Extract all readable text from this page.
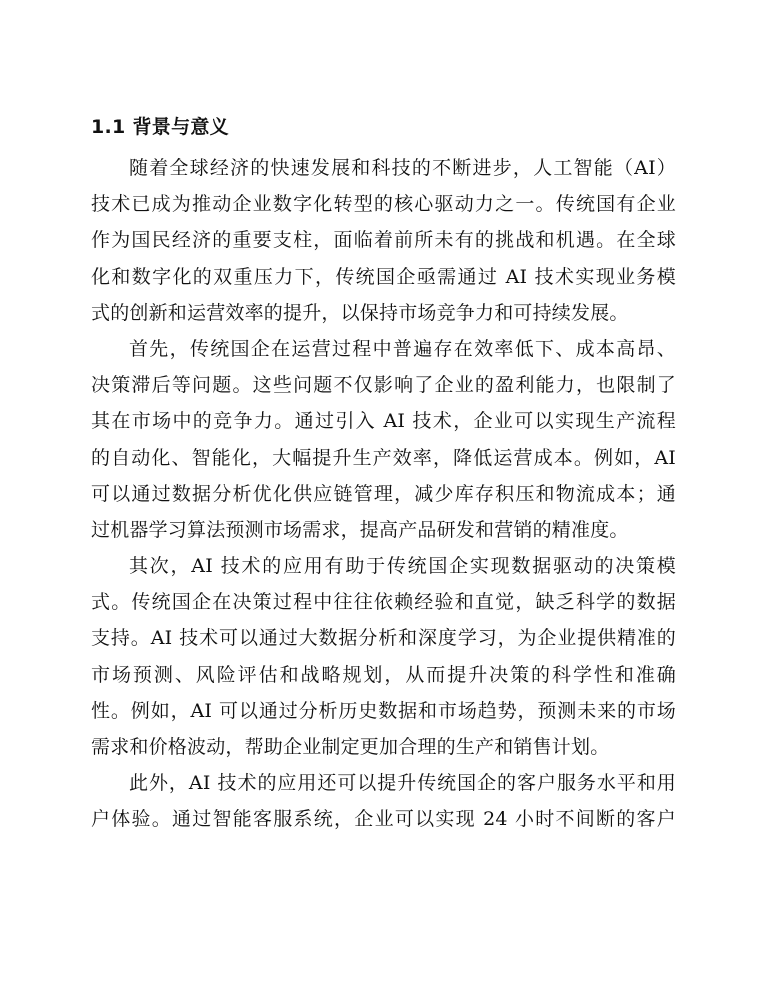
1.1 背景与意义

随着全球经济的快速发展和科技的不断进步，人工智能（AI）
技术已成为推动企业数字化转型的核心驱动力之一。传统国有企业
作为国民经济的重要支柱，面临着前所未有的挑战和机遇。在全球
化和数字化的双重压力下，传统国企亟需通过 AI 技术实现业务模
式的创新和运营效率的提升，以保持市场竞争力和可持续发展。

首先，传统国企在运营过程中普遍存在效率低下、成本高昂、
决策滞后等问题。这些问题不仅影响了企业的盈利能力，也限制了
其在市场中的竞争力。通过引入 AI 技术，企业可以实现生产流程
的自动化、智能化，大幅提升生产效率，降低运营成本。例如，AI
可以通过数据分析优化供应链管理，减少库存积压和物流成本；通
过机器学习算法预测市场需求，提高产品研发和营销的精准度。

其次，AI 技术的应用有助于传统国企实现数据驱动的决策模
式。传统国企在决策过程中往往依赖经验和直觉，缺乏科学的数据
支持。AI 技术可以通过大数据分析和深度学习，为企业提供精准的
市场预测、风险评估和战略规划，从而提升决策的科学性和准确
性。例如，AI 可以通过分析历史数据和市场趋势，预测未来的市场
需求和价格波动，帮助企业制定更加合理的生产和销售计划。

此外，AI 技术的应用还可以提升传统国企的客户服务水平和用
户体验。通过智能客服系统，企业可以实现 24 小时不间断的客户
